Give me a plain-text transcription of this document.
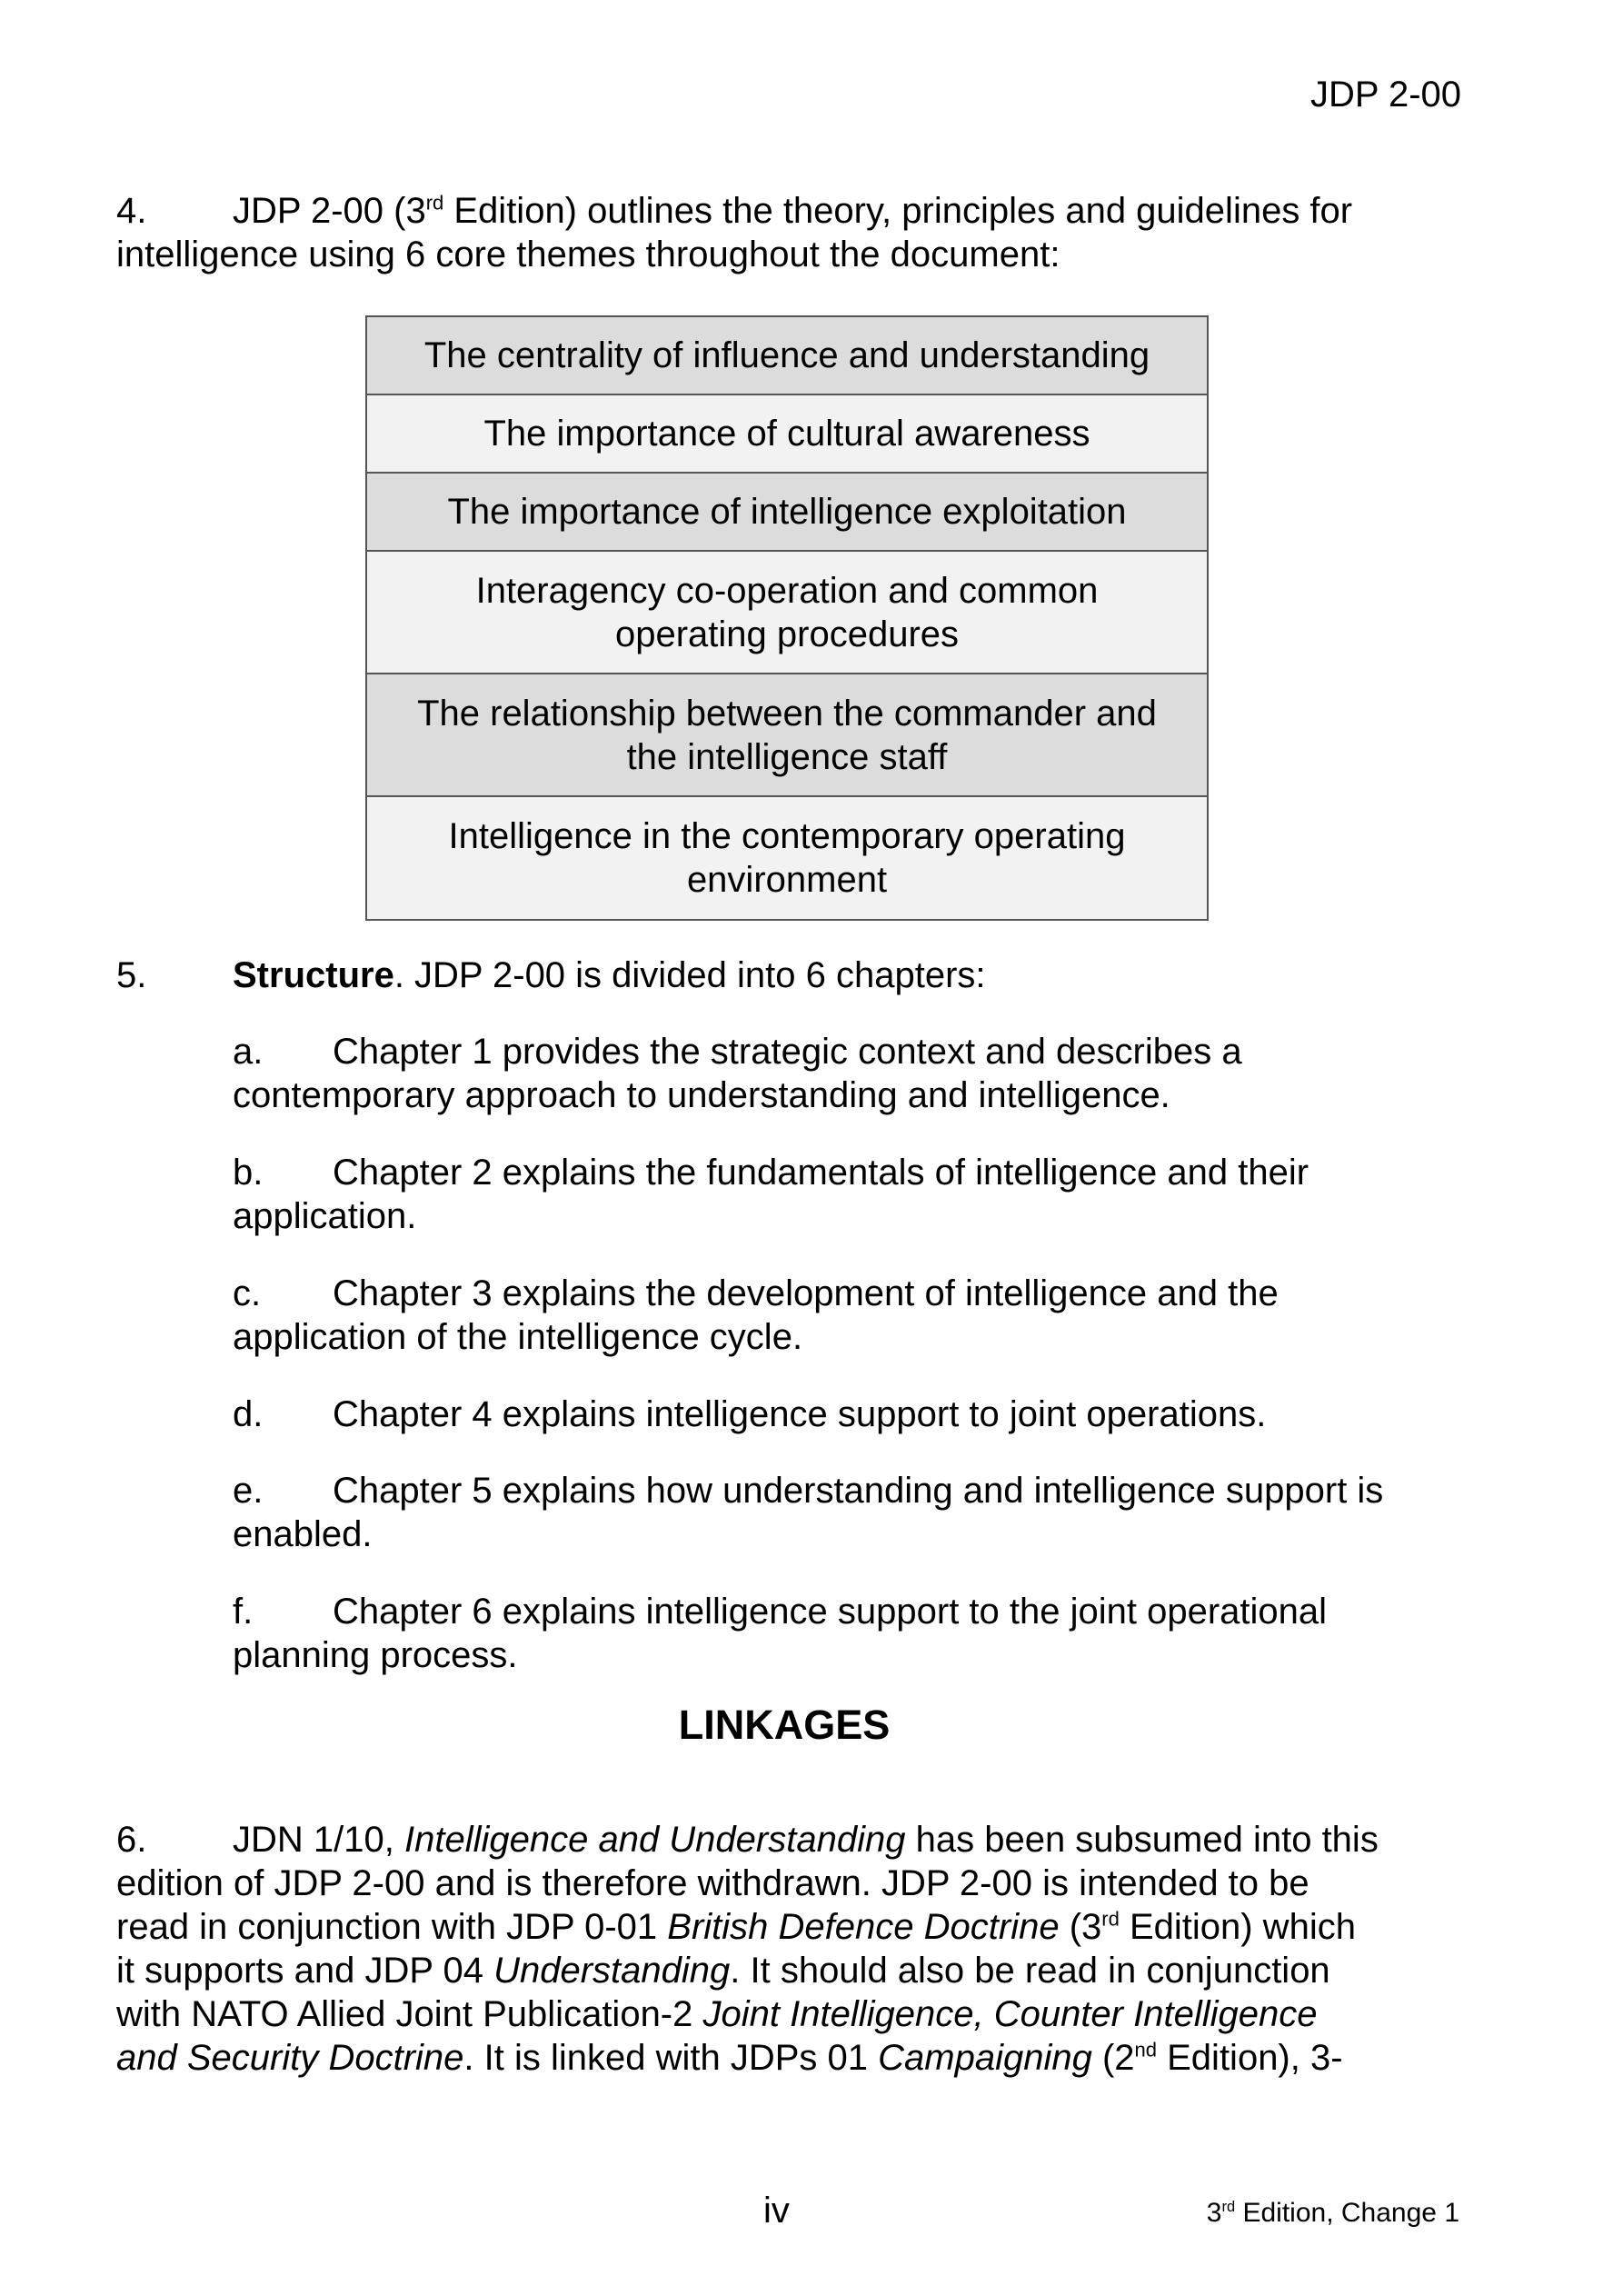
JDP 2-00
4. JDP 2-00 (3rd Edition) outlines the theory, principles and guidelines for
intelligence using 6 core themes throughout the document:
The centrality of influence and understanding
The importance of cultural awareness
The importance of intelligence exploitation
Interagency co-operation and common
operating procedures
The relationship between the commander and
the intelligence staff
Intelligence in the contemporary operating
environment
5. Structure. JDP 2-00 is divided into 6 chapters:
a. Chapter 1 provides the strategic context and describes a
contemporary approach to understanding and intelligence.
b. Chapter 2 explains the fundamentals of intelligence and their
application.
c. Chapter 3 explains the development of intelligence and the
application of the intelligence cycle.
d. Chapter 4 explains intelligence support to joint operations.
e. Chapter 5 explains how understanding and intelligence support is
enabled.
f. Chapter 6 explains intelligence support to the joint operational
planning process.
LINKAGES
6. JDN 1/10, Intelligence and Understanding has been subsumed into this
edition of JDP 2-00 and is therefore withdrawn. JDP 2-00 is intended to be
read in conjunction with JDP 0-01 British Defence Doctrine (3rd Edition) which
it supports and JDP 04 Understanding. It should also be read in conjunction
with NATO Allied Joint Publication-2 Joint Intelligence, Counter Intelligence
and Security Doctrine. It is linked with JDPs 01 Campaigning (2nd Edition), 3-
iv	3rd Edition, Change 1
